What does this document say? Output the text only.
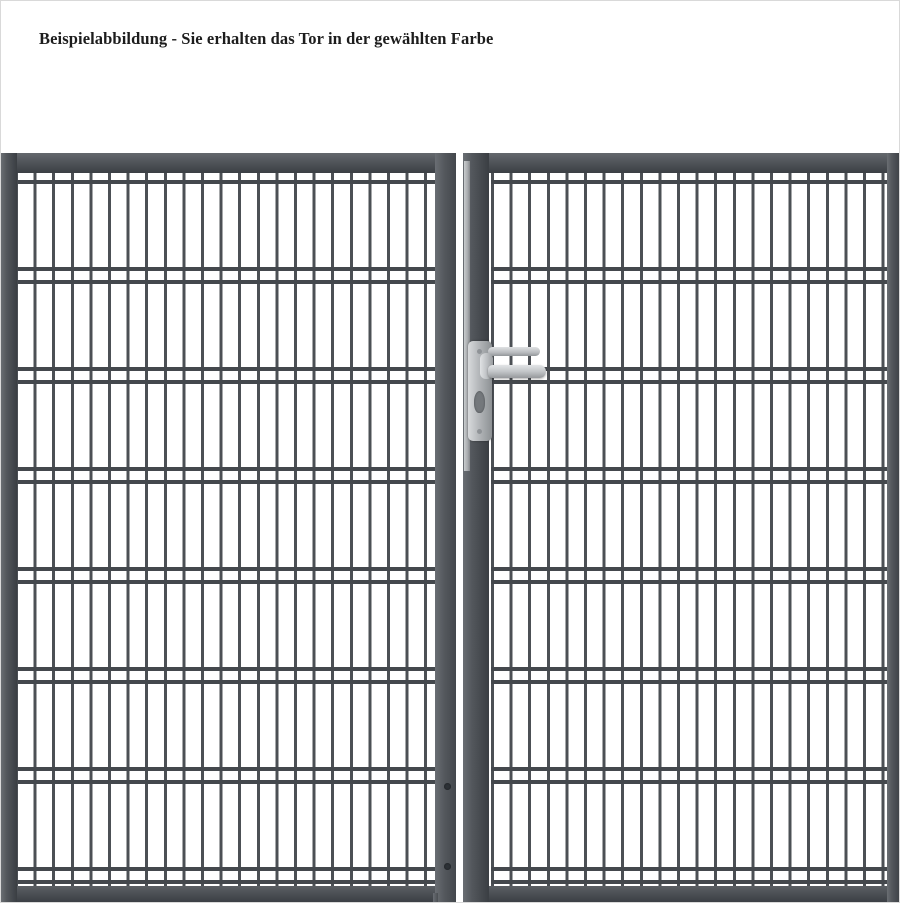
Beispielabbildung - Sie erhalten das Tor in der gewählten Farbe
